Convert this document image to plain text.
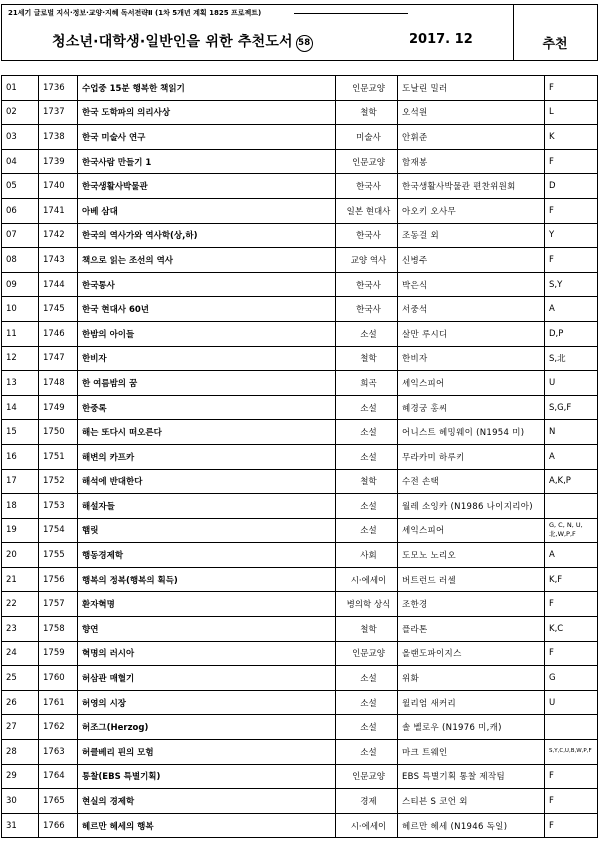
21세기 글로벌 지식·정보·교양·지혜 독서전략Ⅱ (1차 5개년 계획 1825 프로젝트)
청소년·대학생·일반인을 위한 추천도서 58	2017. 12	추천
01	1736	수업중 15분 행복한 책읽기	인문교양	도날린 밀러	F
02	1737	한국 도학파의 의리사상	철학	오석원	L
03	1738	한국 미술사 연구	미술사	안휘준	K
04	1739	한국사람 만들기 1	인문교양	함재봉	F
05	1740	한국생활사박물관	한국사	한국생활사박물관 편찬위원회	D
06	1741	아베 삼대	일본 현대사	아오키 오사무	F
07	1742	한국의 역사가와 역사학(상,하)	한국사	조동걸 외	Y
08	1743	책으로 읽는 조선의 역사	교양 역사	신병주	F
09	1744	한국통사	한국사	박은식	S,Y
10	1745	한국 현대사 60년	한국사	서중석	A
11	1746	한밤의 아이들	소설	살만 루시디	D,P
12	1747	한비자	철학	한비자	S,北
13	1748	한 여름밤의 꿈	희곡	셰익스피어	U
14	1749	한중록	소설	혜경궁 홍씨	S,G,F
15	1750	해는 또다시 떠오른다	소설	어니스트 헤밍웨이 (N1954 미)	N
16	1751	해변의 카프카	소설	무라카미 하루키	A
17	1752	해석에 반대한다	철학	수전 손택	A,K,P
18	1753	해설자들	소설	월레 소잉카 (N1986 나이지리아)	
19	1754	햄릿	소설	셰익스피어	G, C, N, U, 北,W,P,F
20	1755	행동경제학	사회	도모노 노리오	A
21	1756	행복의 정복(행복의 획득)	시·에세이	버트런드 러셀	K,F
22	1757	환자혁명	병의학 상식	조한경	F
23	1758	향연	철학	플라톤	K,C
24	1759	혁명의 러시아	인문교양	올랜도파이지스	F
25	1760	허삼관 매혈기	소설	위화	G
26	1761	허영의 시장	소설	윌리엄 새커리	U
27	1762	허조그(Herzog)	소설	솔 벨로우 (N1976 미,캐)	
28	1763	허클베리 핀의 모험	소설	마크 트웨인	S,Y,C,U,B,W,P,F
29	1764	통찰(EBS 특별기획)	인문교양	EBS 특별기획 통찰 제작팀	F
30	1765	현실의 경제학	경제	스티븐 S 코언 외	F
31	1766	헤르만 헤세의 행복	시·에세이	헤르만 헤세 (N1946 독일)	F
